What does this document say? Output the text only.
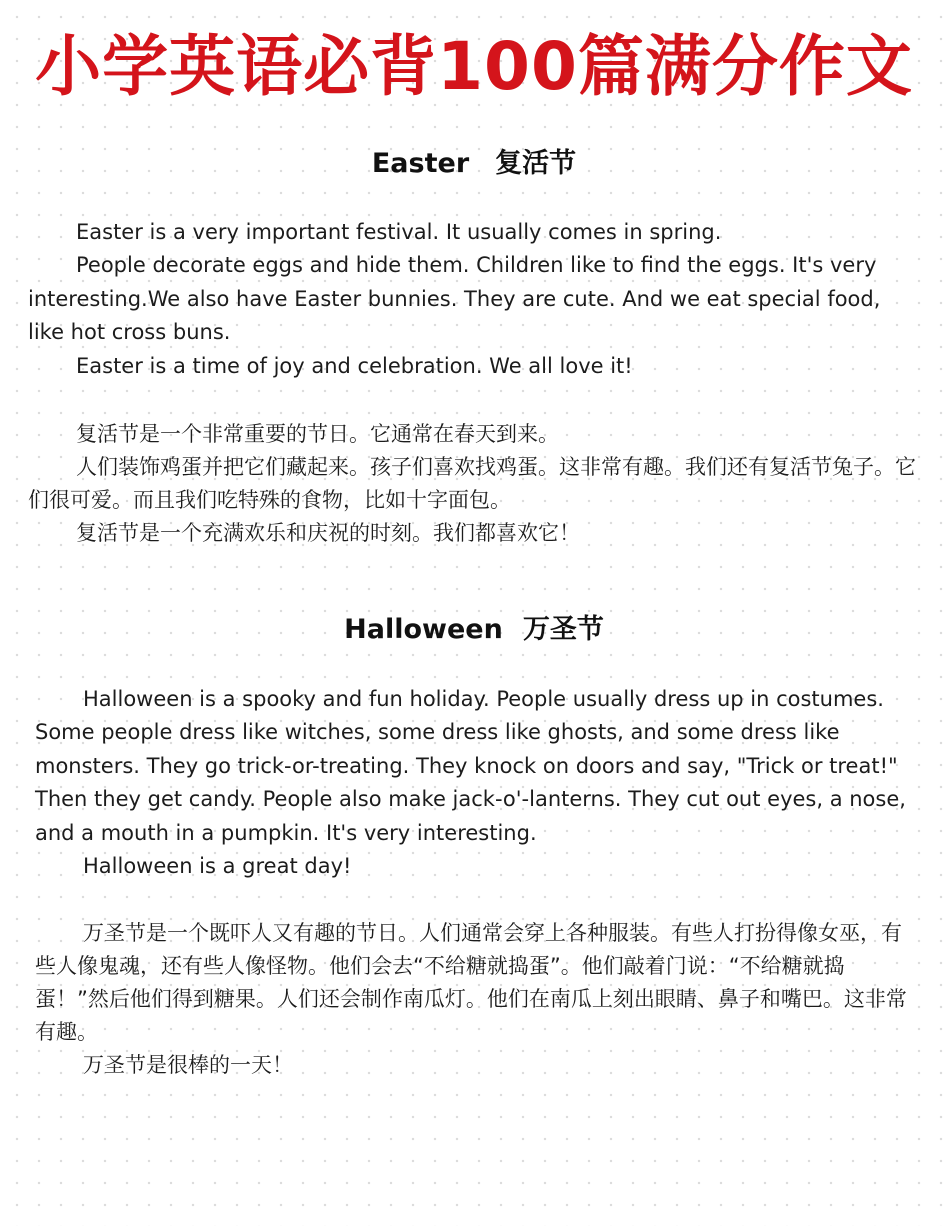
小学英语必背100篇满分作文
Easter 复活节

Easter is a very important festival. It usually comes in spring.

People decorate eggs and hide them. Children like to find the eggs. It's very interesting.We also have Easter bunnies. They are cute. And we eat special food, like hot cross buns.

Easter is a time of joy and celebration. We all love it!

复活节是一个非常重要的节日。它通常在春天到来。

人们装饰鸡蛋并把它们藏起来。孩子们喜欢找鸡蛋。这非常有趣。我们还有复活节兔子。它们很可爱。而且我们吃特殊的食物，比如十字面包。

复活节是一个充满欢乐和庆祝的时刻。我们都喜欢它！

Halloween 万圣节

Halloween is a spooky and fun holiday. People usually dress up in costumes. Some people dress like witches, some dress like ghosts, and some dress like monsters. They go trick-or-treating. They knock on doors and say, "Trick or treat!" Then they get candy. People also make jack-o'-lanterns. They cut out eyes, a nose, and a mouth in a pumpkin. It's very interesting.

Halloween is a great day!

万圣节是一个既吓人又有趣的节日。人们通常会穿上各种服装。有些人打扮得像女巫，有些人像鬼魂，还有些人像怪物。他们会去“不给糖就捣蛋”。他们敲着门说：“不给糖就捣蛋！”然后他们得到糖果。人们还会制作南瓜灯。他们在南瓜上刻出眼睛、鼻子和嘴巴。这非常有趣。

万圣节是很棒的一天！
